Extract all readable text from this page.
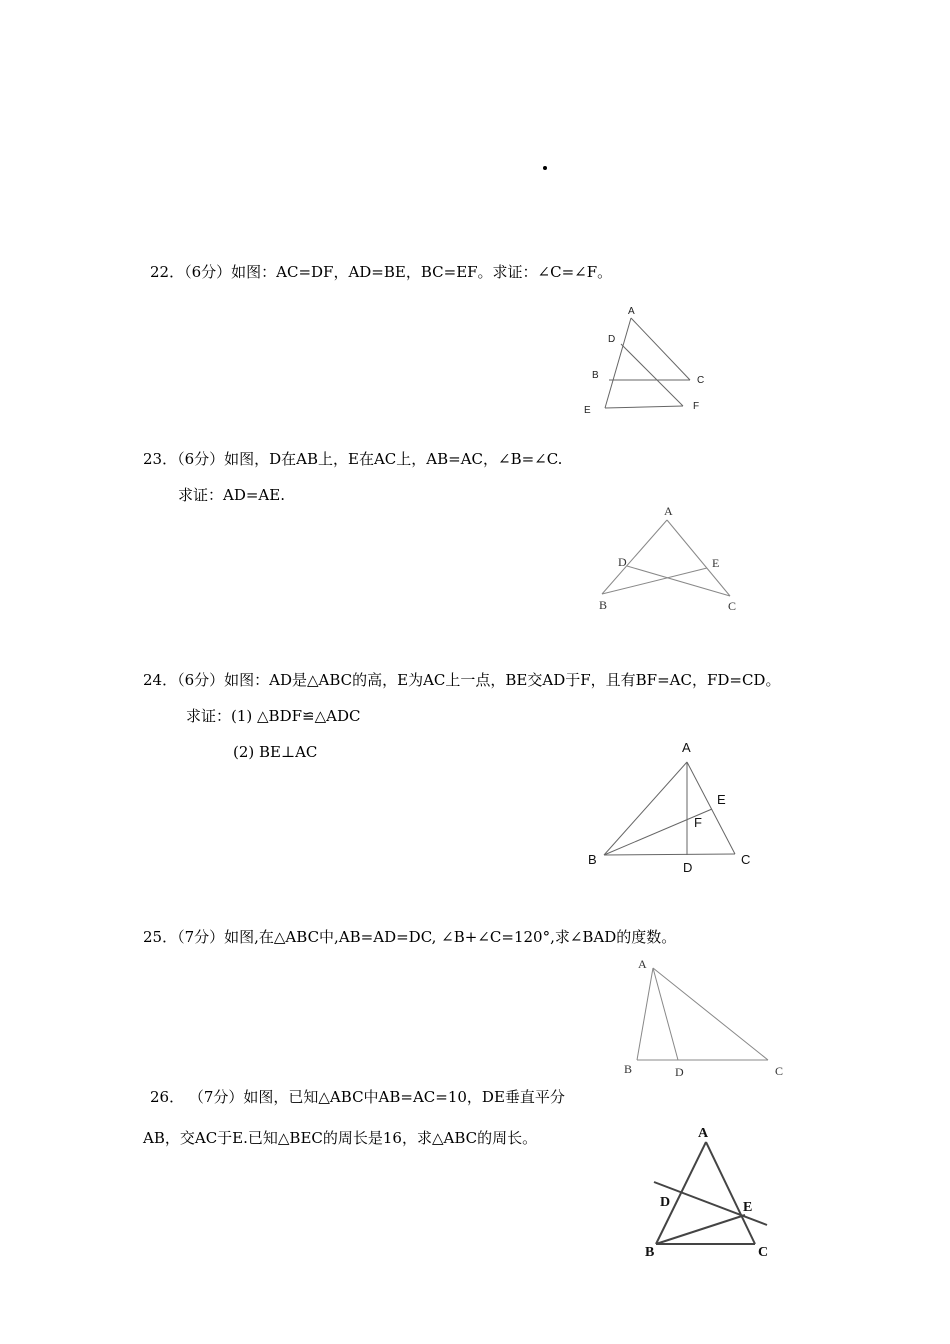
22．（6分）如图：AC=DF，AD=BE，BC=EF。求证：∠C=∠F。
A
D
B	C
E	F
23．（6分）如图，D在AB上，E在AC上，AB=AC，∠B=∠C.
求证：AD=AE.
A
D	E
B	C
24．（6分）如图：AD是△ABC的高，E为AC上一点，BE交AD于F，且有BF=AC，FD=CD。
求证：(1) △BDF≌△ADC
(2) BE⊥AC	A
E
F
B
D
C
25．（7分）如图,在△ABC中,AB=AD=DC, ∠B+∠C=120°,求∠BAD的度数。
A
B	D	C
26． （7分）如图，已知△ABC中AB=AC=10，DE垂直平分
AB，交AC于E.已知△BEC的周长是16，求△ABC的周长。	A
D	E
B	C
